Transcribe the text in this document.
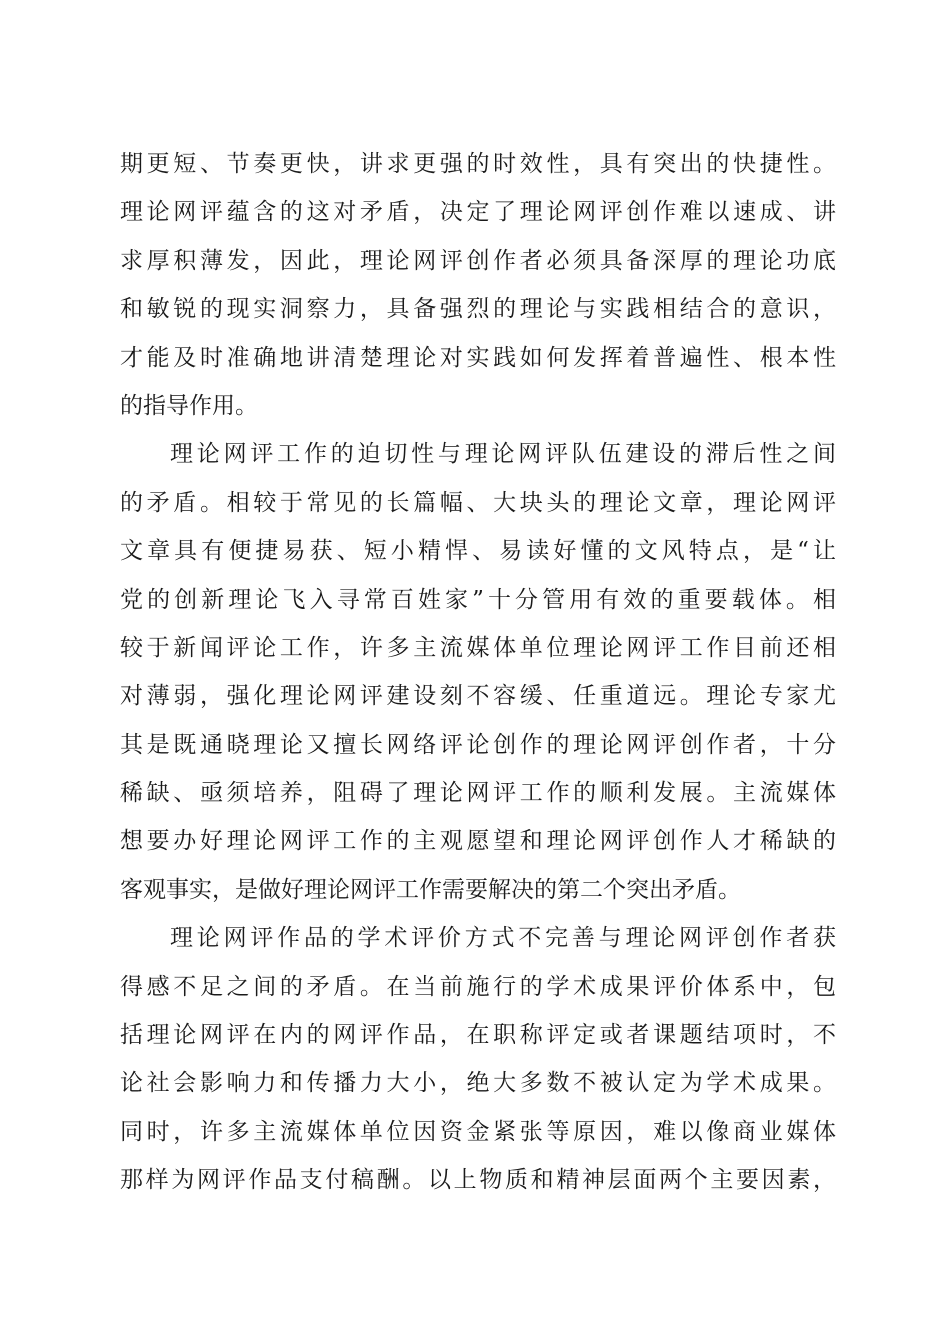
期更短、节奏更快，讲求更强的时效性，具有突出的快捷性。
理论网评蕴含的这对矛盾，决定了理论网评创作难以速成、讲
求厚积薄发，因此，理论网评创作者必须具备深厚的理论功底
和敏锐的现实洞察力，具备强烈的理论与实践相结合的意识，
才能及时准确地讲清楚理论对实践如何发挥着普遍性、根本性
的指导作用。
理论网评工作的迫切性与理论网评队伍建设的滞后性之间
的矛盾。相较于常见的长篇幅、大块头的理论文章，理论网评
文章具有便捷易获、短小精悍、易读好懂的文风特点，是“让
党的创新理论飞入寻常百姓家”十分管用有效的重要载体。相
较于新闻评论工作，许多主流媒体单位理论网评工作目前还相
对薄弱，强化理论网评建设刻不容缓、任重道远。理论专家尤
其是既通晓理论又擅长网络评论创作的理论网评创作者，十分
稀缺、亟须培养，阻碍了理论网评工作的顺利发展。主流媒体
想要办好理论网评工作的主观愿望和理论网评创作人才稀缺的
客观事实，是做好理论网评工作需要解决的第二个突出矛盾。
理论网评作品的学术评价方式不完善与理论网评创作者获
得感不足之间的矛盾。在当前施行的学术成果评价体系中，包
括理论网评在内的网评作品，在职称评定或者课题结项时，不
论社会影响力和传播力大小，绝大多数不被认定为学术成果。
同时，许多主流媒体单位因资金紧张等原因，难以像商业媒体
那样为网评作品支付稿酬。以上物质和精神层面两个主要因素，
